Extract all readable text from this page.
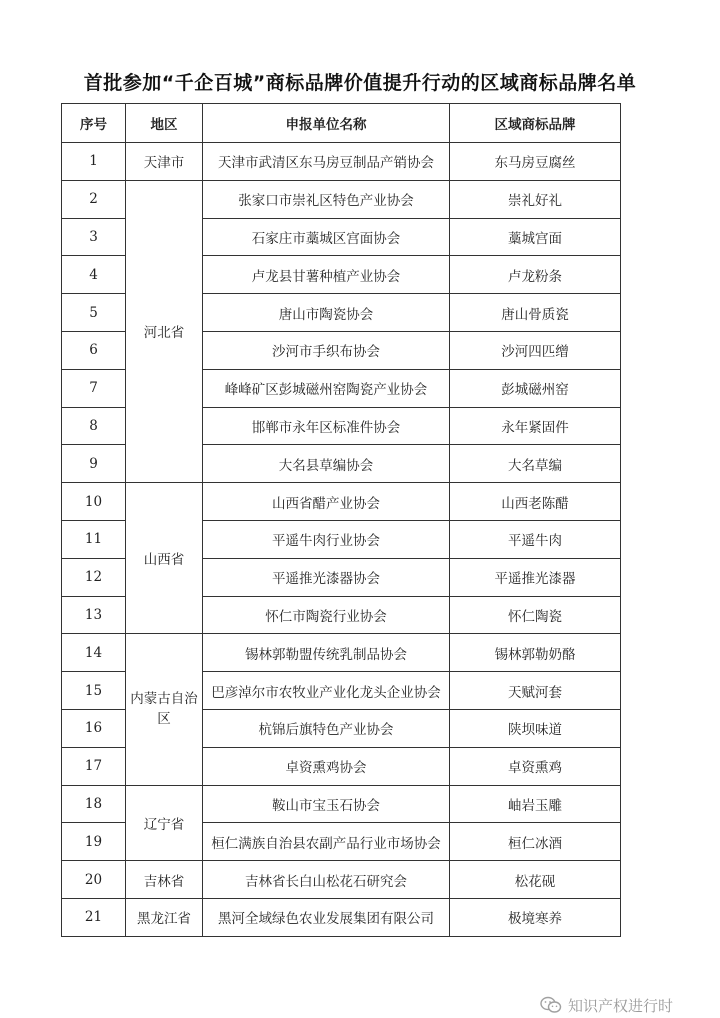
首批参加“千企百城”商标品牌价值提升行动的区域商标品牌名单
序号	地区	申报单位名称	区域商标品牌
1	天津市	天津市武清区东马房豆制品产销协会	东马房豆腐丝
2	河北省	张家口市崇礼区特色产业协会	崇礼好礼
3		石家庄市藁城区宫面协会	藁城宫面
4		卢龙县甘薯种植产业协会	卢龙粉条
5		唐山市陶瓷协会	唐山骨质瓷
6		沙河市手织布协会	沙河四匹缯
7		峰峰矿区彭城磁州窑陶瓷产业协会	彭城磁州窑
8		邯郸市永年区标准件协会	永年紧固件
9		大名县草编协会	大名草编
10	山西省	山西省醋产业协会	山西老陈醋
11		平遥牛肉行业协会	平遥牛肉
12		平遥推光漆器协会	平遥推光漆器
13		怀仁市陶瓷行业协会	怀仁陶瓷
14	内蒙古自治区	锡林郭勒盟传统乳制品协会	锡林郭勒奶酪
15		巴彦淖尔市农牧业产业化龙头企业协会	天赋河套
16		杭锦后旗特色产业协会	陕坝味道
17		卓资熏鸡协会	卓资熏鸡
18	辽宁省	鞍山市宝玉石协会	岫岩玉雕
19		桓仁满族自治县农副产品行业市场协会	桓仁冰酒
20	吉林省	吉林省长白山松花石研究会	松花砚
21	黑龙江省	黑河全域绿色农业发展集团有限公司	极境寒养
知识产权进行时
